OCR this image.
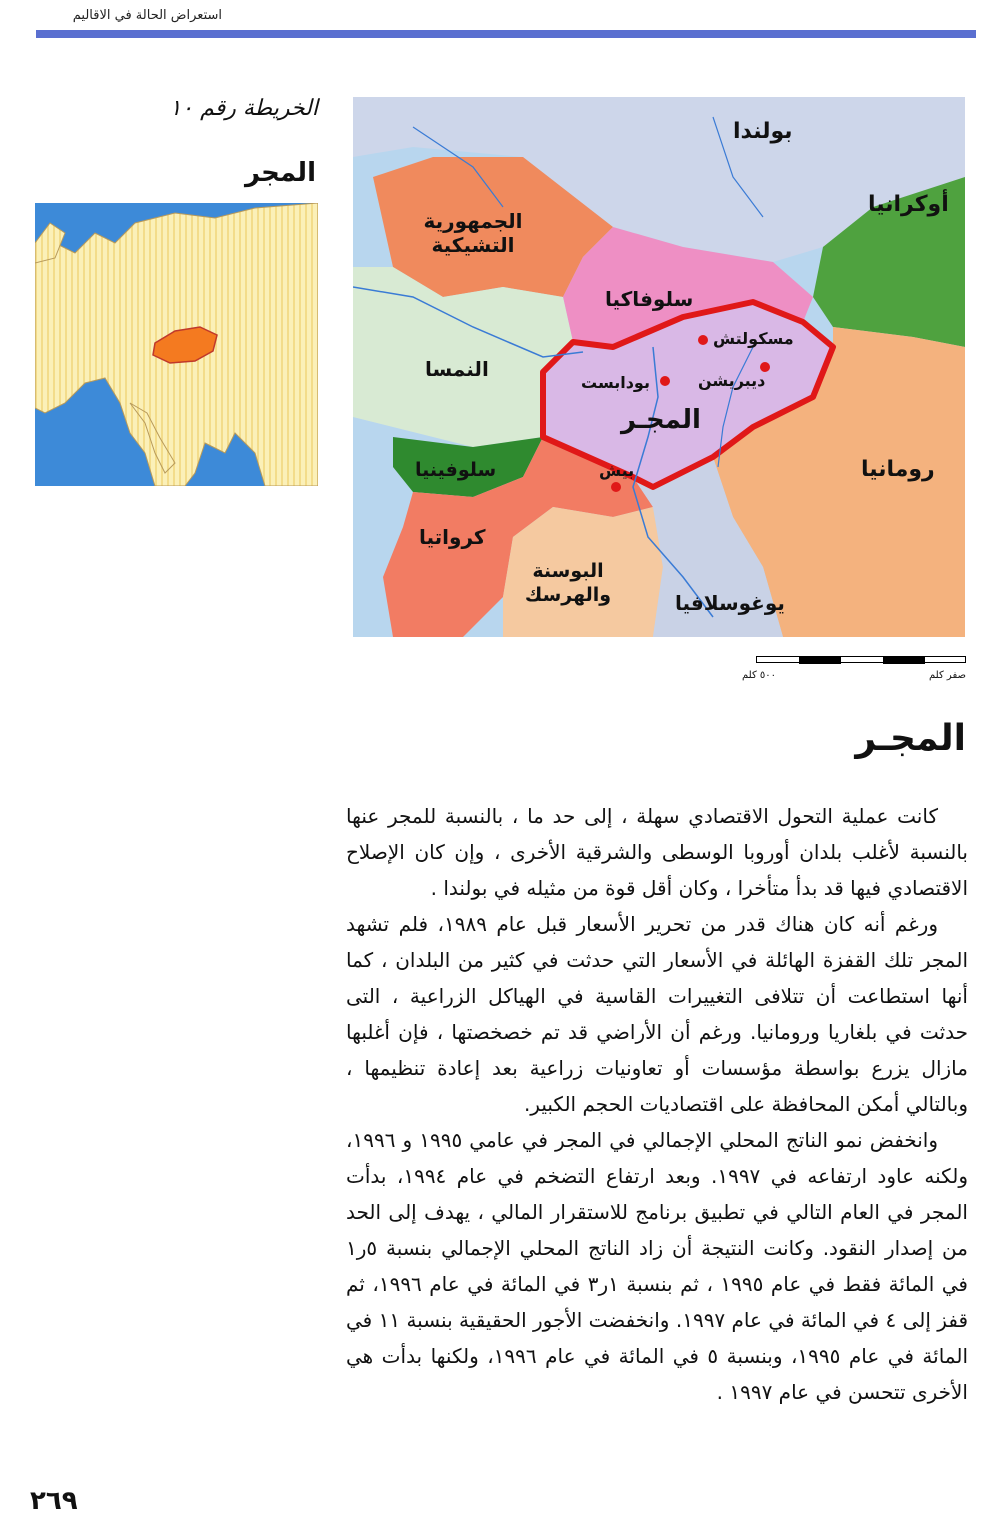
استعراض الحالة في الاقاليم
الخريطة رقم ١٠
المجر
بولندا
أوكرانيا
الجمهورية التشيكية
سلوفاكيا
النمسا
المجـر
رومانيا
سلوفينيا
كرواتيا
البوسنة والهرسك	يوغوسلافيا
مسكولتش
ديبريشن
بودابست
بيش
صفر كلم
٥٠٠ كلم
المجـر

كانت عملية التحول الاقتصادي سهلة ، إلى حد ما ، بالنسبة للمجر عنها بالنسبة لأغلب بلدان أوروبا الوسطى والشرقية الأخرى ، وإن كان الإصلاح الاقتصادي فيها قد بدأ متأخرا ، وكان أقل قوة من مثيله في بولندا .

ورغم أنه كان هناك قدر من تحرير الأسعار قبل عام ١٩٨٩، فلم تشهد المجر تلك القفزة الهائلة في الأسعار التي حدثت في كثير من البلدان ، كما أنها استطاعت أن تتلافى التغييرات القاسية في الهياكل الزراعية ، التى حدثت في بلغاريا ورومانيا. ورغم أن الأراضي قد تم خصخصتها ، فإن أغلبها مازال يزرع بواسطة مؤسسات أو تعاونيات زراعية بعد إعادة تنظيمها ، وبالتالي أمكن المحافظة على اقتصاديات الحجم الكبير.

وانخفض نمو الناتج المحلي الإجمالي في المجر في عامي ١٩٩٥ و ١٩٩٦، ولكنه عاود ارتفاعه في ١٩٩٧. وبعد ارتفاع التضخم في عام ١٩٩٤، بدأت المجر في العام التالي في تطبيق برنامج للاستقرار المالي ، يهدف إلى الحد من إصدار النقود. وكانت النتيجة أن زاد الناتج المحلي الإجمالي بنسبة ٥ر١ في المائة فقط في عام ١٩٩٥ ، ثم بنسبة ١ر٣ في المائة في عام ١٩٩٦، ثم قفز إلى ٤ في المائة في عام ١٩٩٧. وانخفضت الأجور الحقيقية بنسبة ١١ في المائة في عام ١٩٩٥، وبنسبة ٥ في المائة في عام ١٩٩٦، ولكنها بدأت هي الأخرى تتحسن في عام ١٩٩٧ .

٢٦٩
